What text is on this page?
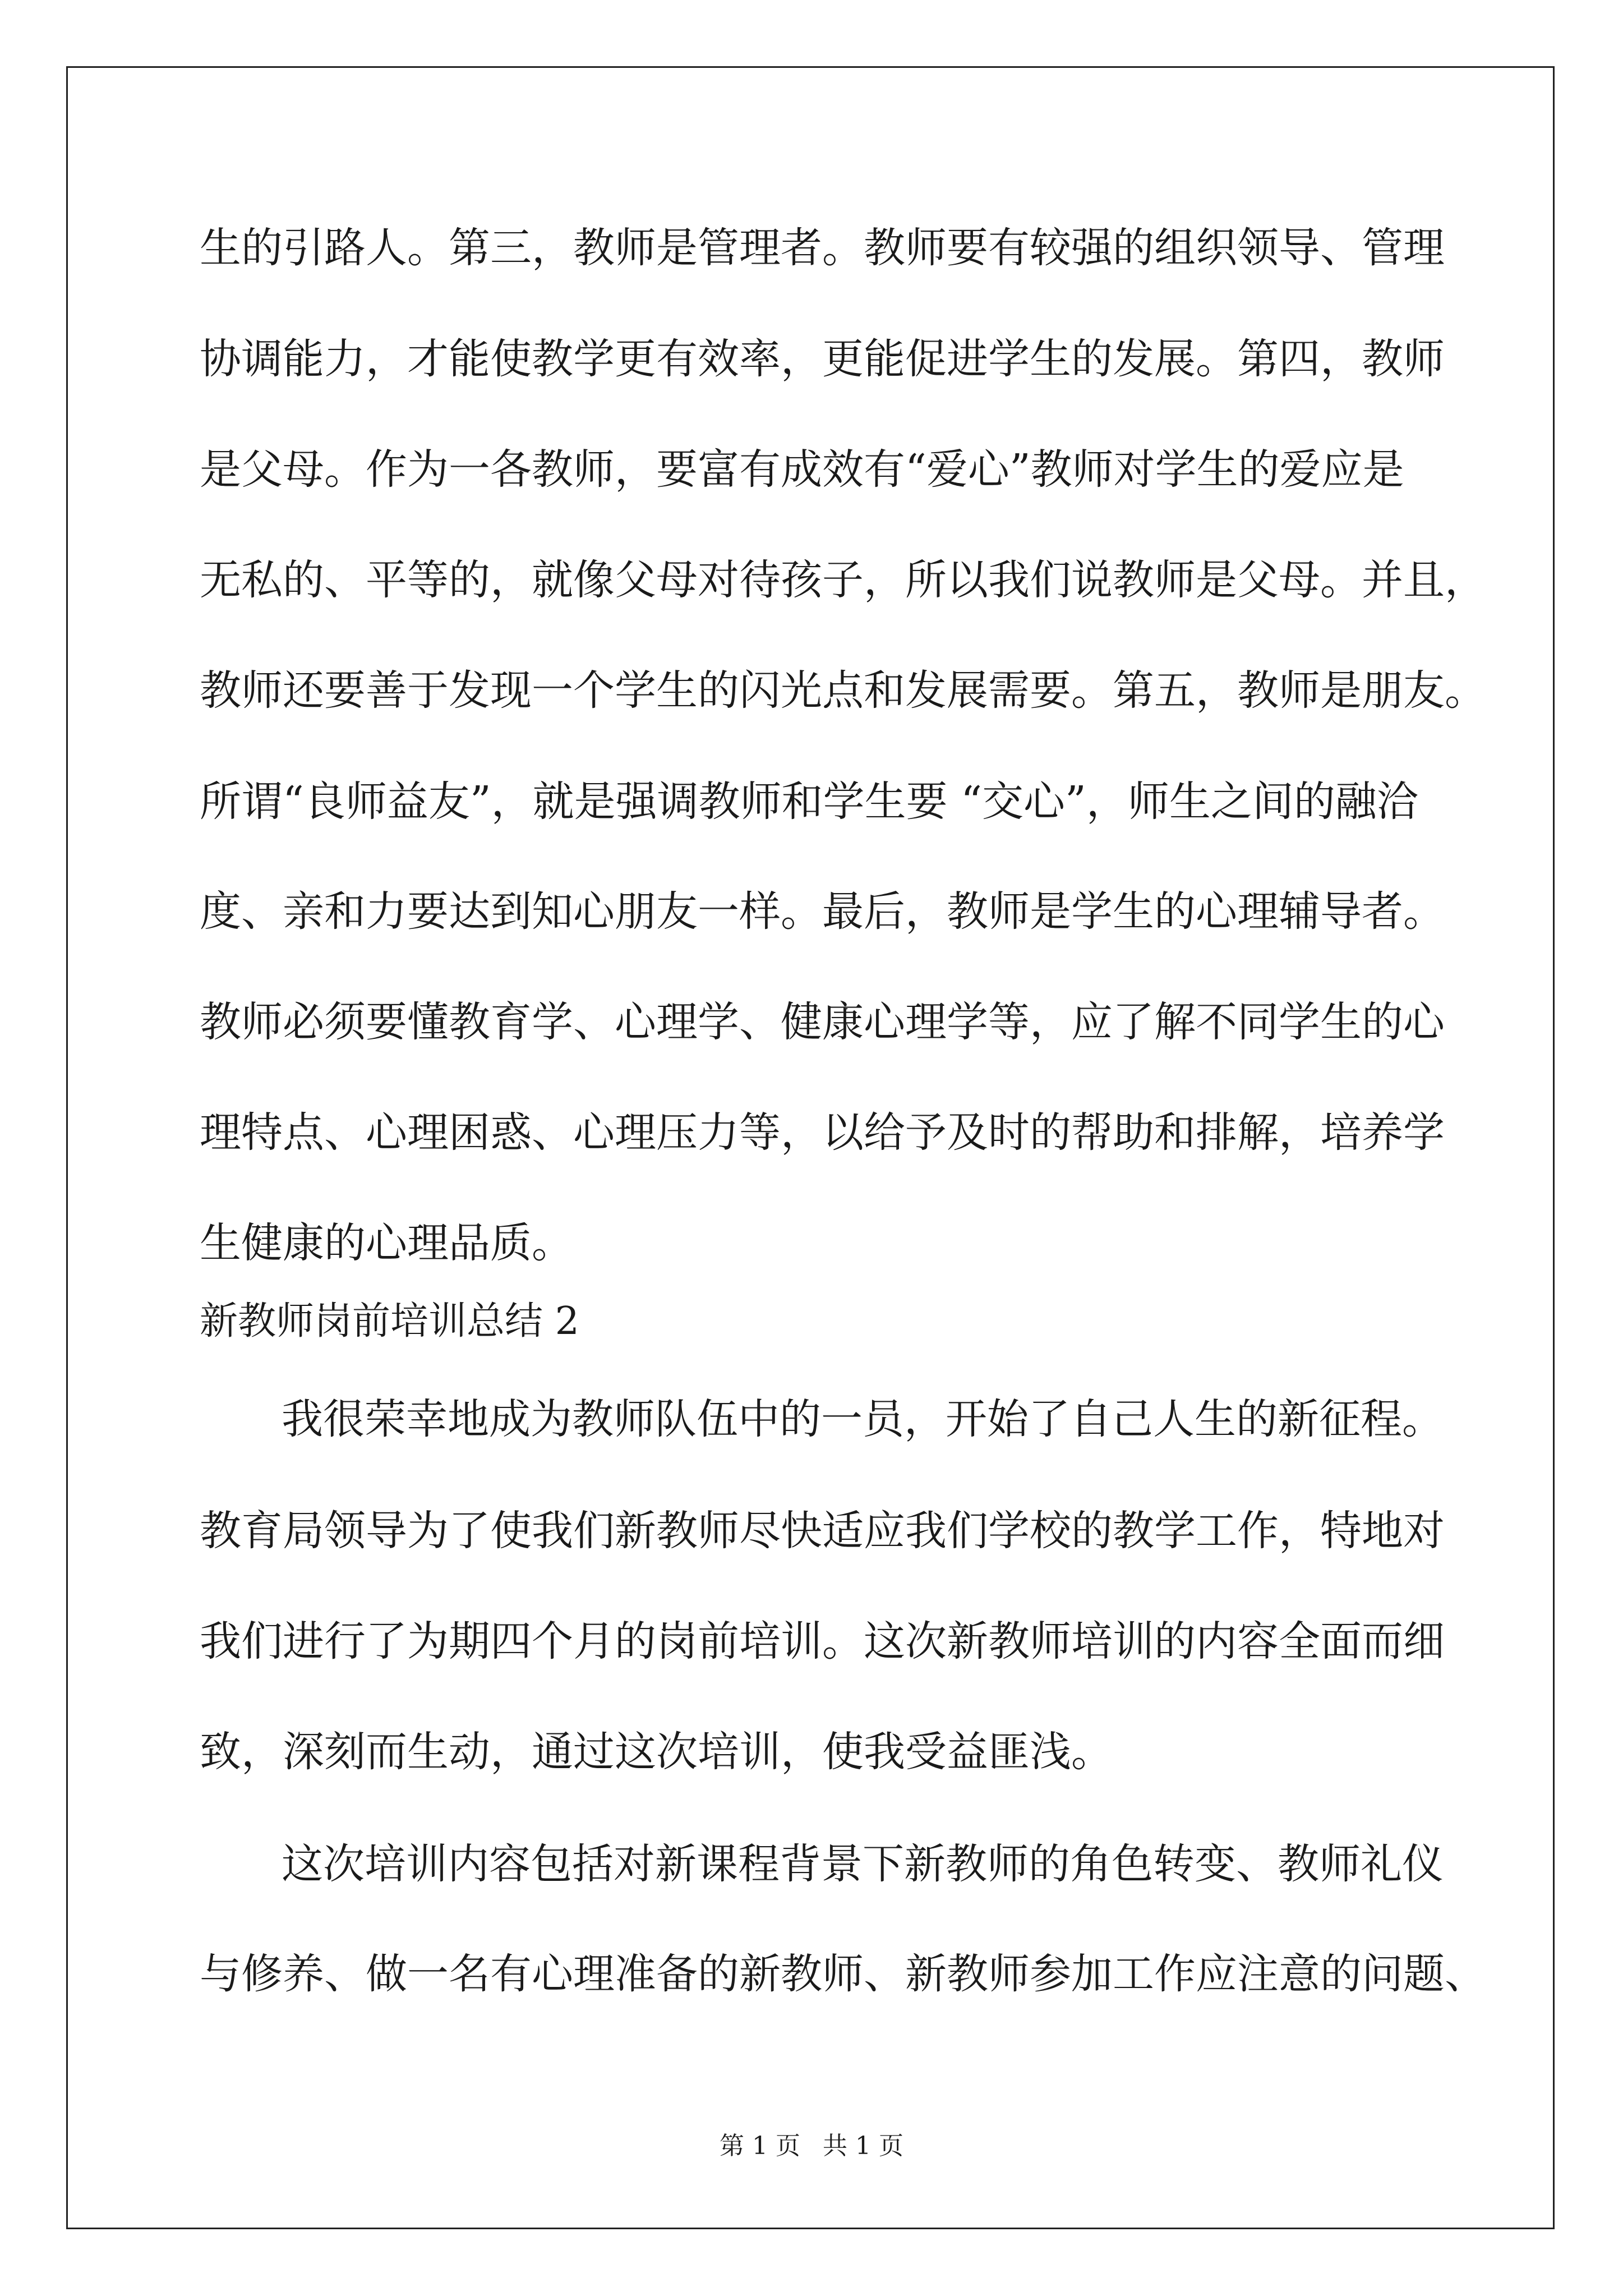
生的引路人。第三，教师是管理者。教师要有较强的组织领导、管理
协调能力，才能使教学更有效率，更能促进学生的发展。第四，教师
是父母。作为一各教师，要富有成效有“爱心”教师对学生的爱应是
无私的、平等的，就像父母对待孩子，所以我们说教师是父母。并且，
教师还要善于发现一个学生的闪光点和发展需要。第五，教师是朋友。
所谓“良师益友”，就是强调教师和学生要 “交心”，师生之间的融洽
度、亲和力要达到知心朋友一样。最后，教师是学生的心理辅导者。
教师必须要懂教育学、心理学、健康心理学等，应了解不同学生的心
理特点、心理困惑、心理压力等，以给予及时的帮助和排解，培养学
生健康的心理品质。
新教师岗前培训总结 2
我很荣幸地成为教师队伍中的一员，开始了自己人生的新征程。
教育局领导为了使我们新教师尽快适应我们学校的教学工作，特地对
我们进行了为期四个月的岗前培训。这次新教师培训的内容全面而细
致，深刻而生动，通过这次培训，使我受益匪浅。
这次培训内容包括对新课程背景下新教师的角色转变、教师礼仪
与修养、做一名有心理准备的新教师、新教师参加工作应注意的问题、
第 1 页 共 1 页
